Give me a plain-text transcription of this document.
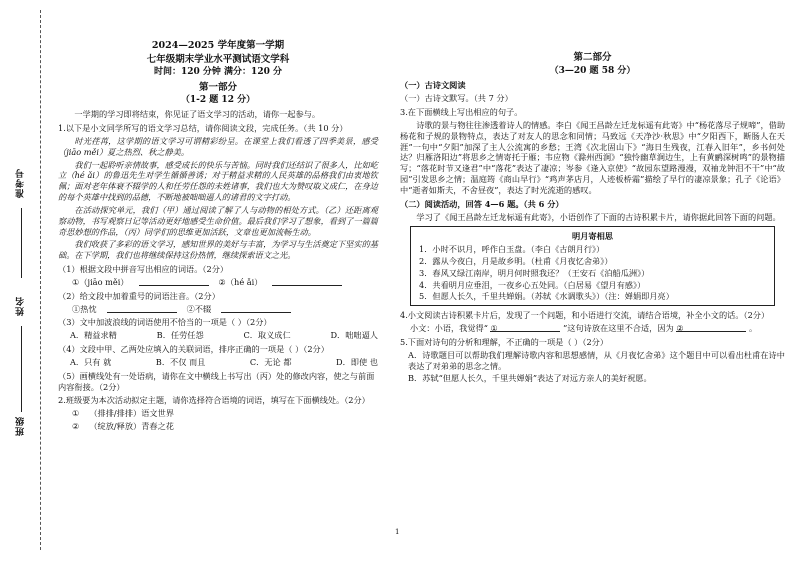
准考号
姓名
班级
2024—2025 学年度第一学期
七年级期末学业水平测试语文学科
时间：120 分钟 满分：120 分
第一部分
（1-2 题 12 分）

一学期的学习即将结束，你见证了语文学习的活动，请你一起参与。

1.以下是小文同学所写的语文学习总结，请你阅读文段，完成任务。（共 10 分）

时光荏苒，这学期的语文学习可谓精彩纷呈。在课堂上我们看透了四季美景，感受（jiāo měi）夏之热烈、秋之静美。

我们一起聆听亲情故事，感受成长的快乐与苦恼。同时我们还结识了很多人，比如屹立（hé ǎi）的鲁迅先生对学生循循善诱；对于精益求精的人民英雄的品格我们由衷地钦佩；面对老年体衰不辍学的人和任劳任怨的未姓诸事，我们也大为赞叹取义成仁，在身边的每个英雄中找到的品德，不断地被咄咄逼人的诸君的文字打动。

在活动探究单元，我们（甲）通过阅读了解了人与动物的相处方式。（乙）还距离观察动物，书写观察日记等活动更好地感受生命价值。最后我们学习了想象，看到了一篇篇奇思妙想的作品，（丙）同学们的思维更加活跃，文章也更加流畅生动。

我们收获了多彩的语文学习，感知世界的美好与丰富，为学习与生活奠定下坚实的基础。在下学期，我们也将继续保持这份热情，继续探索语文之光。

（1）根据文段中拼音写出相应的词语。（2分）

①（jiāo měi）	②（hé ǎi）

（2）给文段中加着重号的词语注音。（2分）

①热忱	②不辍

（3）文中加波浪线的词语使用不恰当的一项是（ ）（2分）

A．精益求精	B．任劳任怨	C．取义成仁	D．咄咄逼人

（4）文段中甲、乙两处应填入的关联词语，排序正确的一项是（ ）（2分）

A．只有 就	B．不仅 而且	C．无论 都	D．即使 也

（5）画横线处有一处语病，请你在文中横线上书写出（丙）处的修改内容，使之与前面内容衔接。（2分）

2.班级要为本次活动拟定主题，请你选择符合语境的词语，填写在下面横线处。（2分）

① （排排/排排）语文世界
② （绽放/释放）青春之花
第二部分
（3—20 题 58 分）

（一）古诗文阅读

（一）古诗文默写。（共 7 分）

3.在下面横线上写出相应的句子。

诗歌的景与物往往渗透着诗人的情感。李白《闻王昌龄左迁龙标遥有此寄》中“杨花落尽子规啼”，借助杨花和子规的景物特点，表达了对友人的思念和同情；马致远《天净沙·秋思》中“夕阳西下，断肠人在天涯”一句中“夕阳”加深了主人公流寓的乡愁；王湾《次北固山下》“海日生残夜，江春入旧年”，乡书何处达？归雁洛阳边”将思乡之情寄托于雁；韦应物《滁州西涧》“独怜幽草涧边生，上有黄鹂深树鸣”的景物描写；“落花时节又逢君”中“落花”表达了凄凉；岑参《逢入京使》“故园东望路漫漫，双袖龙钟泪不干”中“故园”引发思乡之情；温庭筠《商山早行》“鸡声茅店月，人迹板桥霜”描绘了早行的凄凉景象；孔子《论语》中“逝者如斯夫，不舍昼夜”，表达了时光流逝的感叹。

（二）阅读活动，回答 4—6 题。（共 6 分）

学习了《闻王昌龄左迁龙标遥有此寄》，小语创作了下面的古诗积累卡片，请你据此回答下面的问题。

明月寄相思
1．小时不识月，呼作白玉盘。（李白《古朗月行》）
2．露从今夜白，月是故乡明。（杜甫《月夜忆舍弟》）
3．春风又绿江南岸，明月何时照我还？（王安石《泊船瓜洲》）
4．共看明月应垂泪，一夜乡心五处同。（白居易《望月有感》）
5．但愿人长久，千里共婵娟。（苏轼《水调歌头》）（注：婵娟即月亮）

4.小文阅读古诗积累卡片后，发现了一个问题，和小语进行交流，请结合语境，补全小文的话。（2分）

小文：小语，我觉得“ ①	”这句诗放在这里不合适，因为 ②	。

5.下面对诗句的分析和理解，不正确的一项是（ ）（2分）

A．诗歌题目可以帮助我们理解诗歌内容和思想感情，从《月夜忆舍弟》这个题目中可以看出杜甫在诗中表达了对弟弟的思念之情。

B．苏轼“但愿人长久，千里共婵娟”表达了对远方亲人的美好祝愿。

1
